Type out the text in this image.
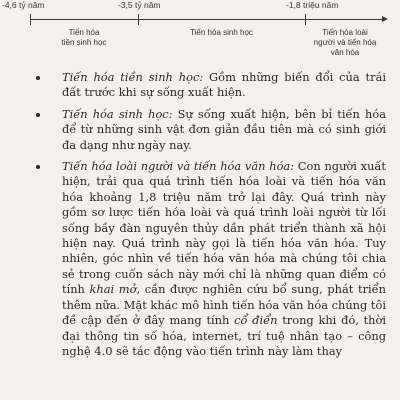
-4,6 tỷ năm	-3,5 tỷ năm	-1,8 triệu năm
Tiến hóa
tiền sinh học
Tiến hóa sinh học	Tiến hóa loài
người và tiến hóa
văn hóa
Tiến hóa tiền sinh học: Gồm những biến đổi của trái đất trước khi sự sống xuất hiện.
Tiến hóa sinh học: Sự sống xuất hiện, bên bỉ tiến hóa để từ những sinh vật đơn giản đầu tiên mà có sinh giới đa dạng như ngày nay.
Tiến hóa loài người và tiến hóa văn hóa: Con người xuất hiện, trải qua quá trình tiến hóa loài và tiến hóa văn hóa khoảng 1,8 triệu năm trở lại đây. Quá trình này gồm sơ lược tiến hóa loài và quá trình loài người từ lối sống bầy đàn nguyên thủy dần phát triển thành xã hội hiện nay. Quá trình này gọi là tiến hóa văn hóa. Tuy nhiên, góc nhìn về tiến hóa văn hóa mà chúng tôi chia sẻ trong cuốn sách này mới chỉ là những quan điểm có tính khai mở, cần được nghiên cứu bổ sung, phát triển thêm nữa. Mặt khác mô hình tiến hóa văn hóa chúng tôi đề cập đến ở đây mang tính cổ điển trong khi đó, thời đại thông tin số hóa, internet, trí tuệ nhân tạo – công nghệ 4.0 sẽ tác động vào tiến trình này làm thay
